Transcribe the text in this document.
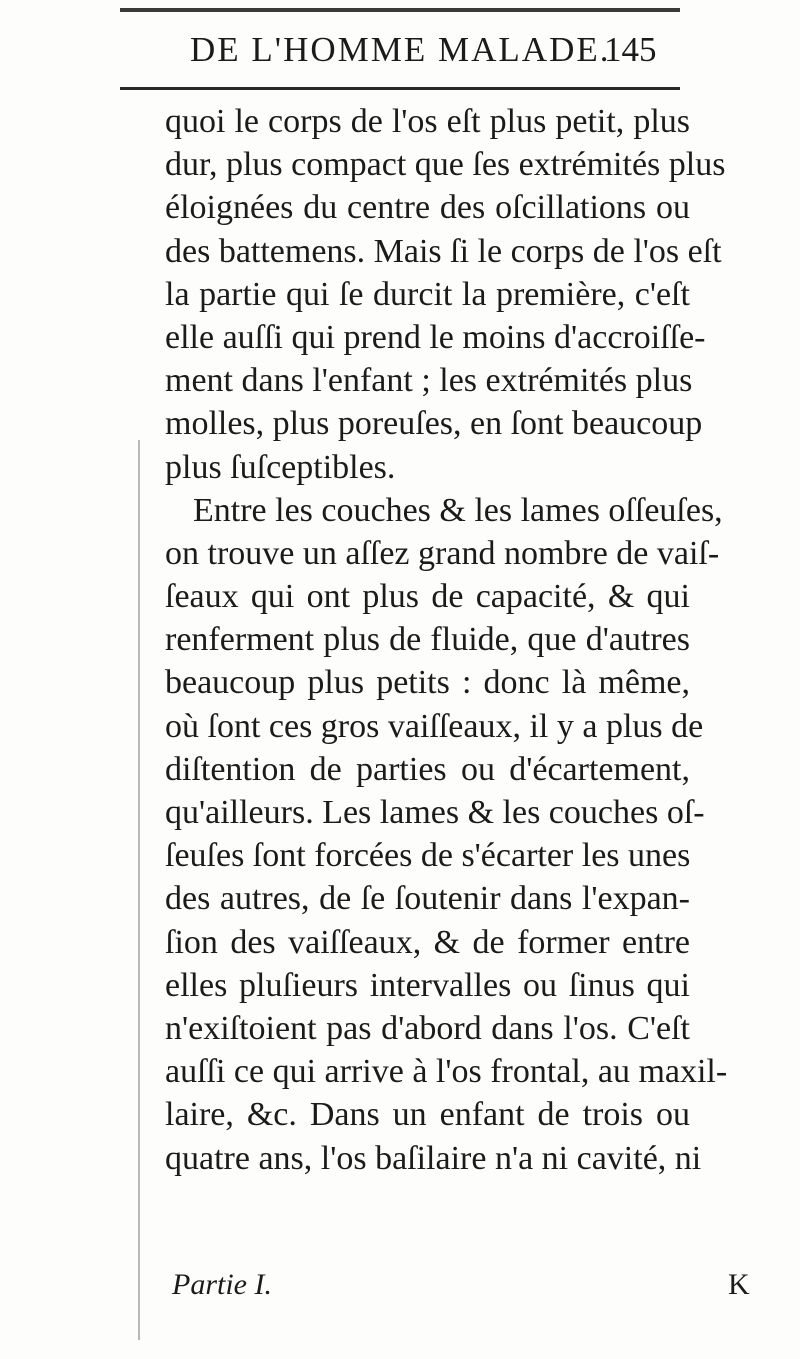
DE L'HOMME MALADE.
145
quoi le corps de l'os eſt plus petit, plus
dur, plus compact que ſes extrémités plus
éloignées du centre des oſcillations ou
des battemens. Mais ſi le corps de l'os eſt
la partie qui ſe durcit la première, c'eſt
elle auſſi qui prend le moins d'accroiſſe-
ment dans l'enfant ; les extrémités plus
molles, plus poreuſes, en ſont beaucoup
plus ſuſceptibles.
Entre les couches & les lames oſſeuſes,
on trouve un aſſez grand nombre de vaiſ-
ſeaux qui ont plus de capacité, & qui
renferment plus de fluide, que d'autres
beaucoup plus petits : donc là même,
où ſont ces gros vaiſſeaux, il y a plus de
diſtention de parties ou d'écartement,
qu'ailleurs. Les lames & les couches oſ-
ſeuſes ſont forcées de s'écarter les unes
des autres, de ſe ſoutenir dans l'expan-
ſion des vaiſſeaux, & de former entre
elles pluſieurs intervalles ou ſinus qui
n'exiſtoient pas d'abord dans l'os. C'eſt
auſſi ce qui arrive à l'os frontal, au maxil-
laire, &c. Dans un enfant de trois ou
quatre ans, l'os baſilaire n'a ni cavité, ni
Partie I.	K
